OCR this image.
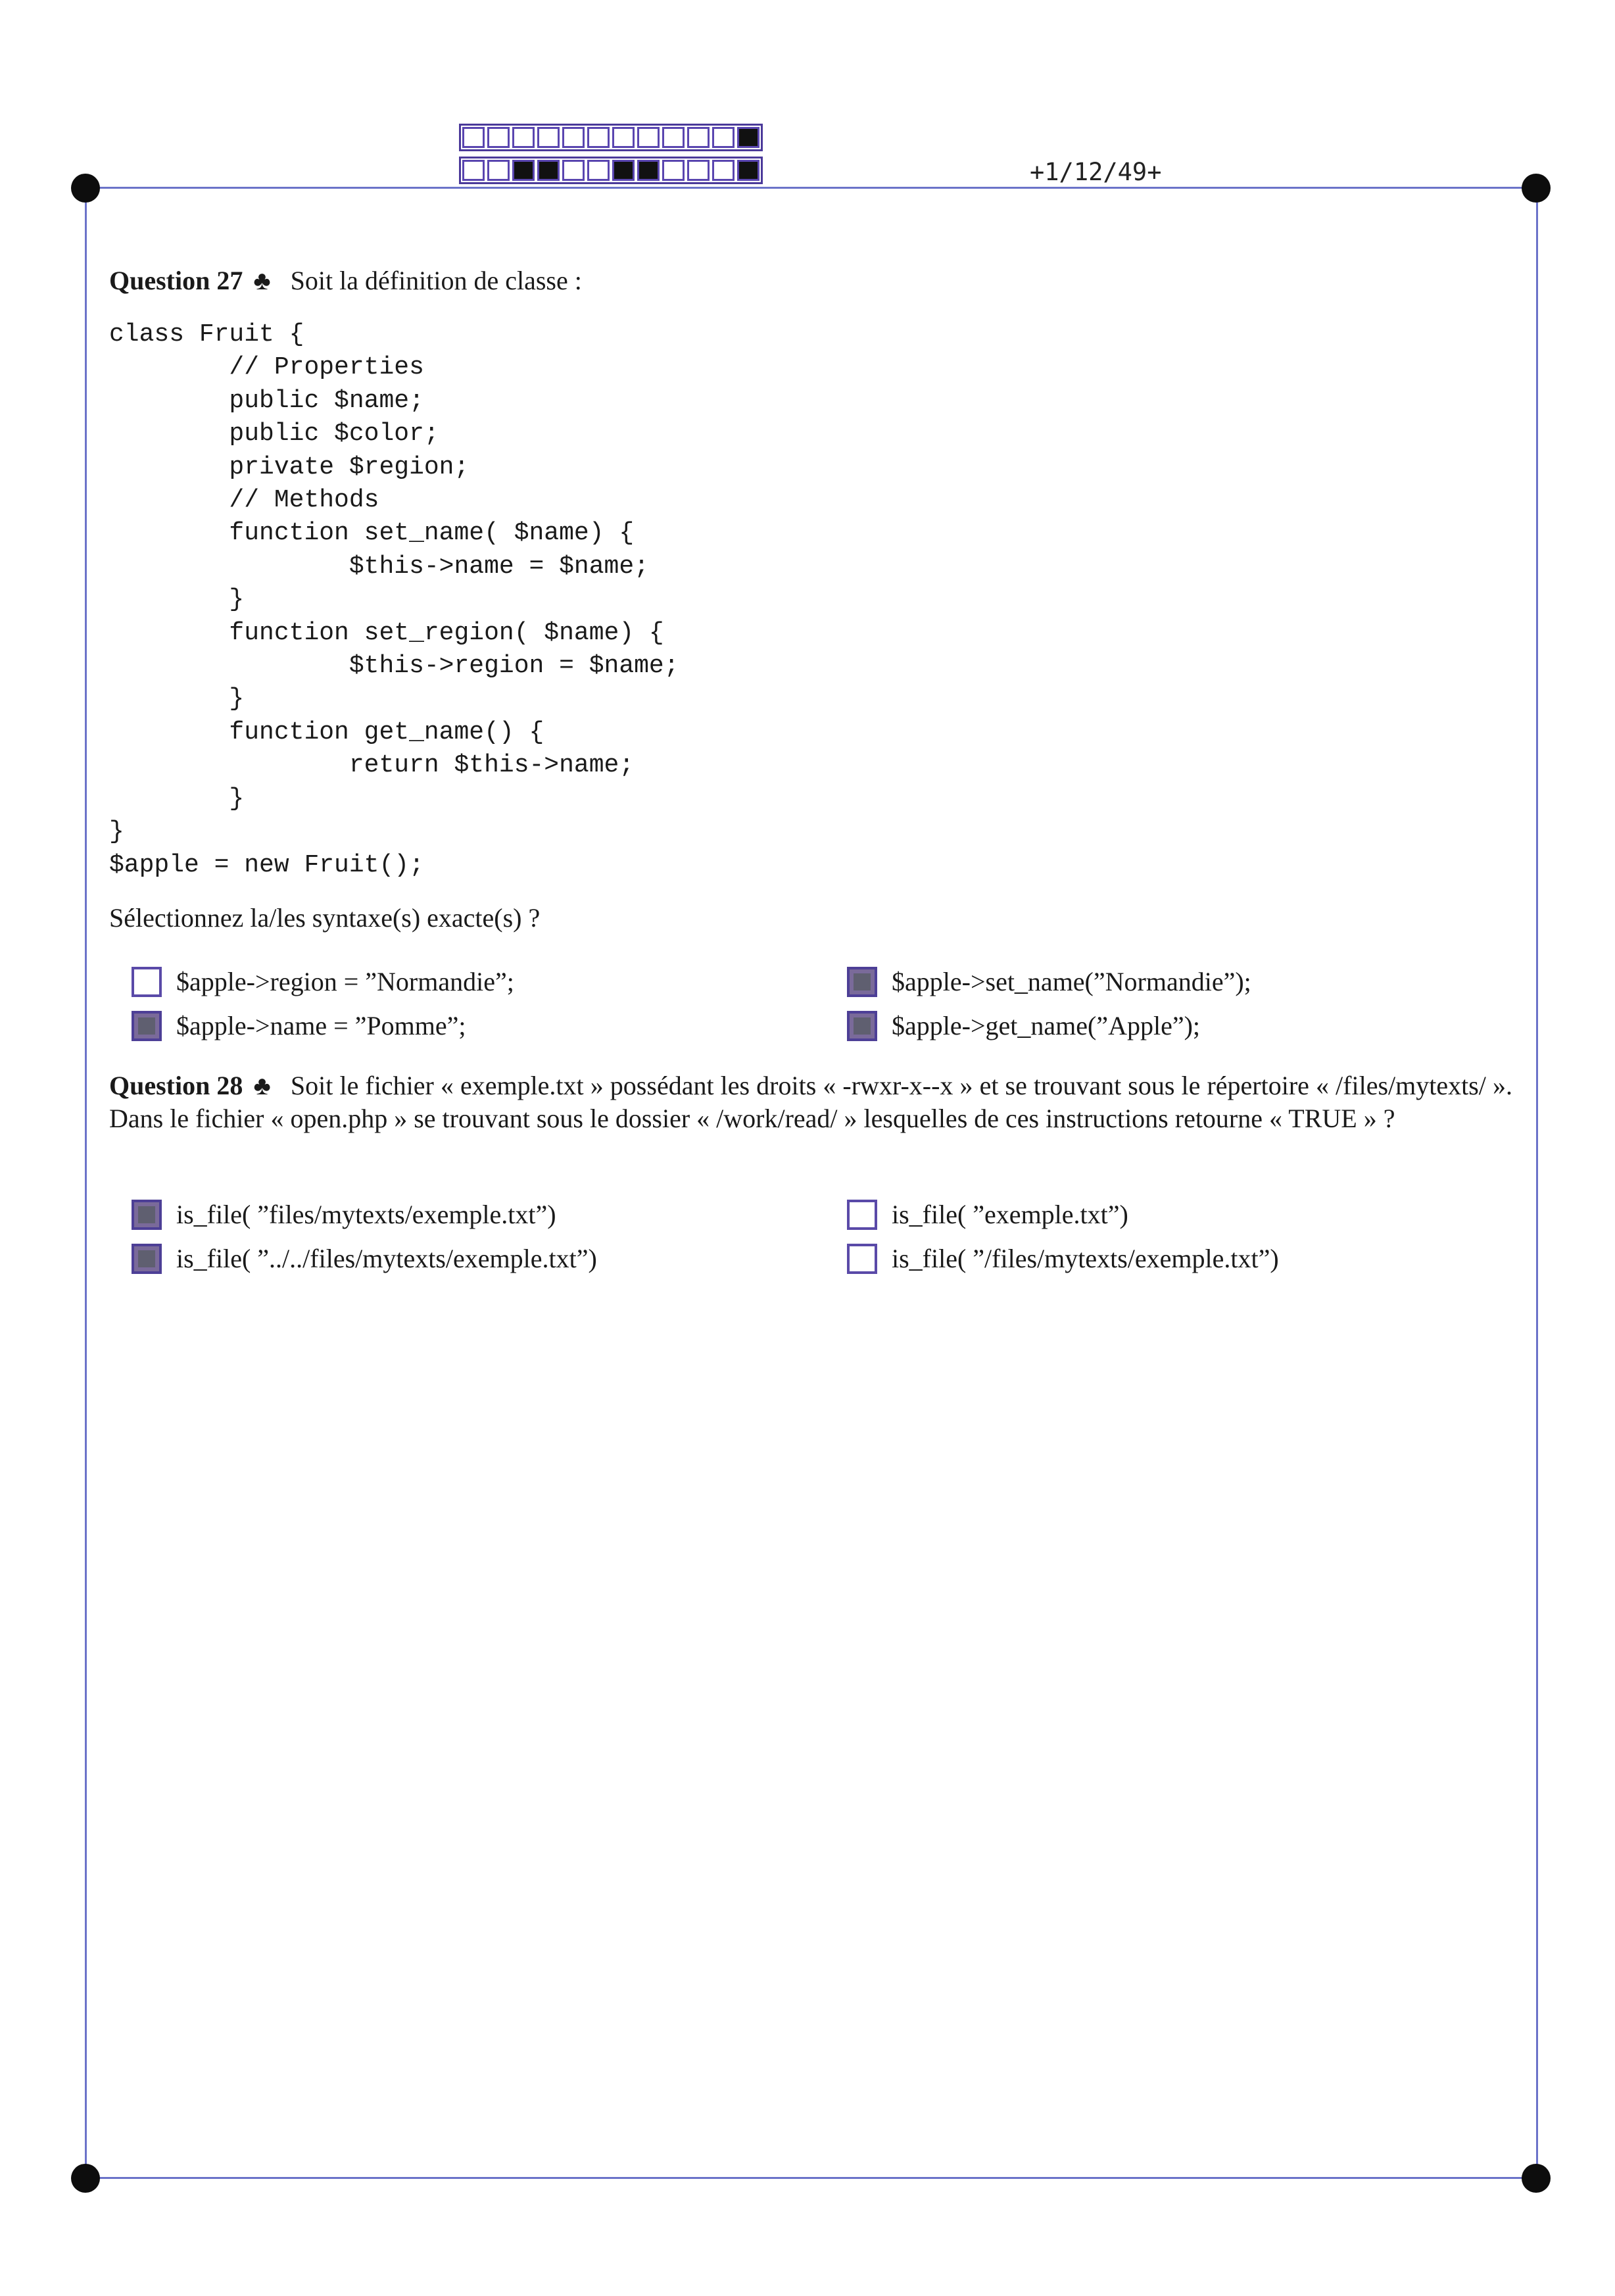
+1/12/49+
Question 27 ♣ Soit la définition de classe :
class Fruit {
// Properties
public $name;
public $color;
private $region;
// Methods
function set_name( $name) {
$this->name = $name;
}
function set_region( $name) {
$this->region = $name;
}
function get_name() {
return $this->name;
}
}
$apple = new Fruit();
Sélectionnez la/les syntaxe(s) exacte(s) ?
$apple->region = ”Normandie”;	$apple->set_name(”Normandie”);
$apple->name = ”Pomme”;	$apple->get_name(”Apple”);
Question 28 ♣ Soit le fichier « exemple.txt » possédant les droits « -rwxr-x--x » et se trouvant sous le répertoire « /files/mytexts/ ». Dans le fichier « open.php » se trouvant sous le dossier « /work/read/ » lesquelles de ces instructions retourne « TRUE » ?
is_file( ”files/mytexts/exemple.txt”)	is_file( ”exemple.txt”)
is_file( ”../../files/mytexts/exemple.txt”)	is_file( ”/files/mytexts/exemple.txt”)
